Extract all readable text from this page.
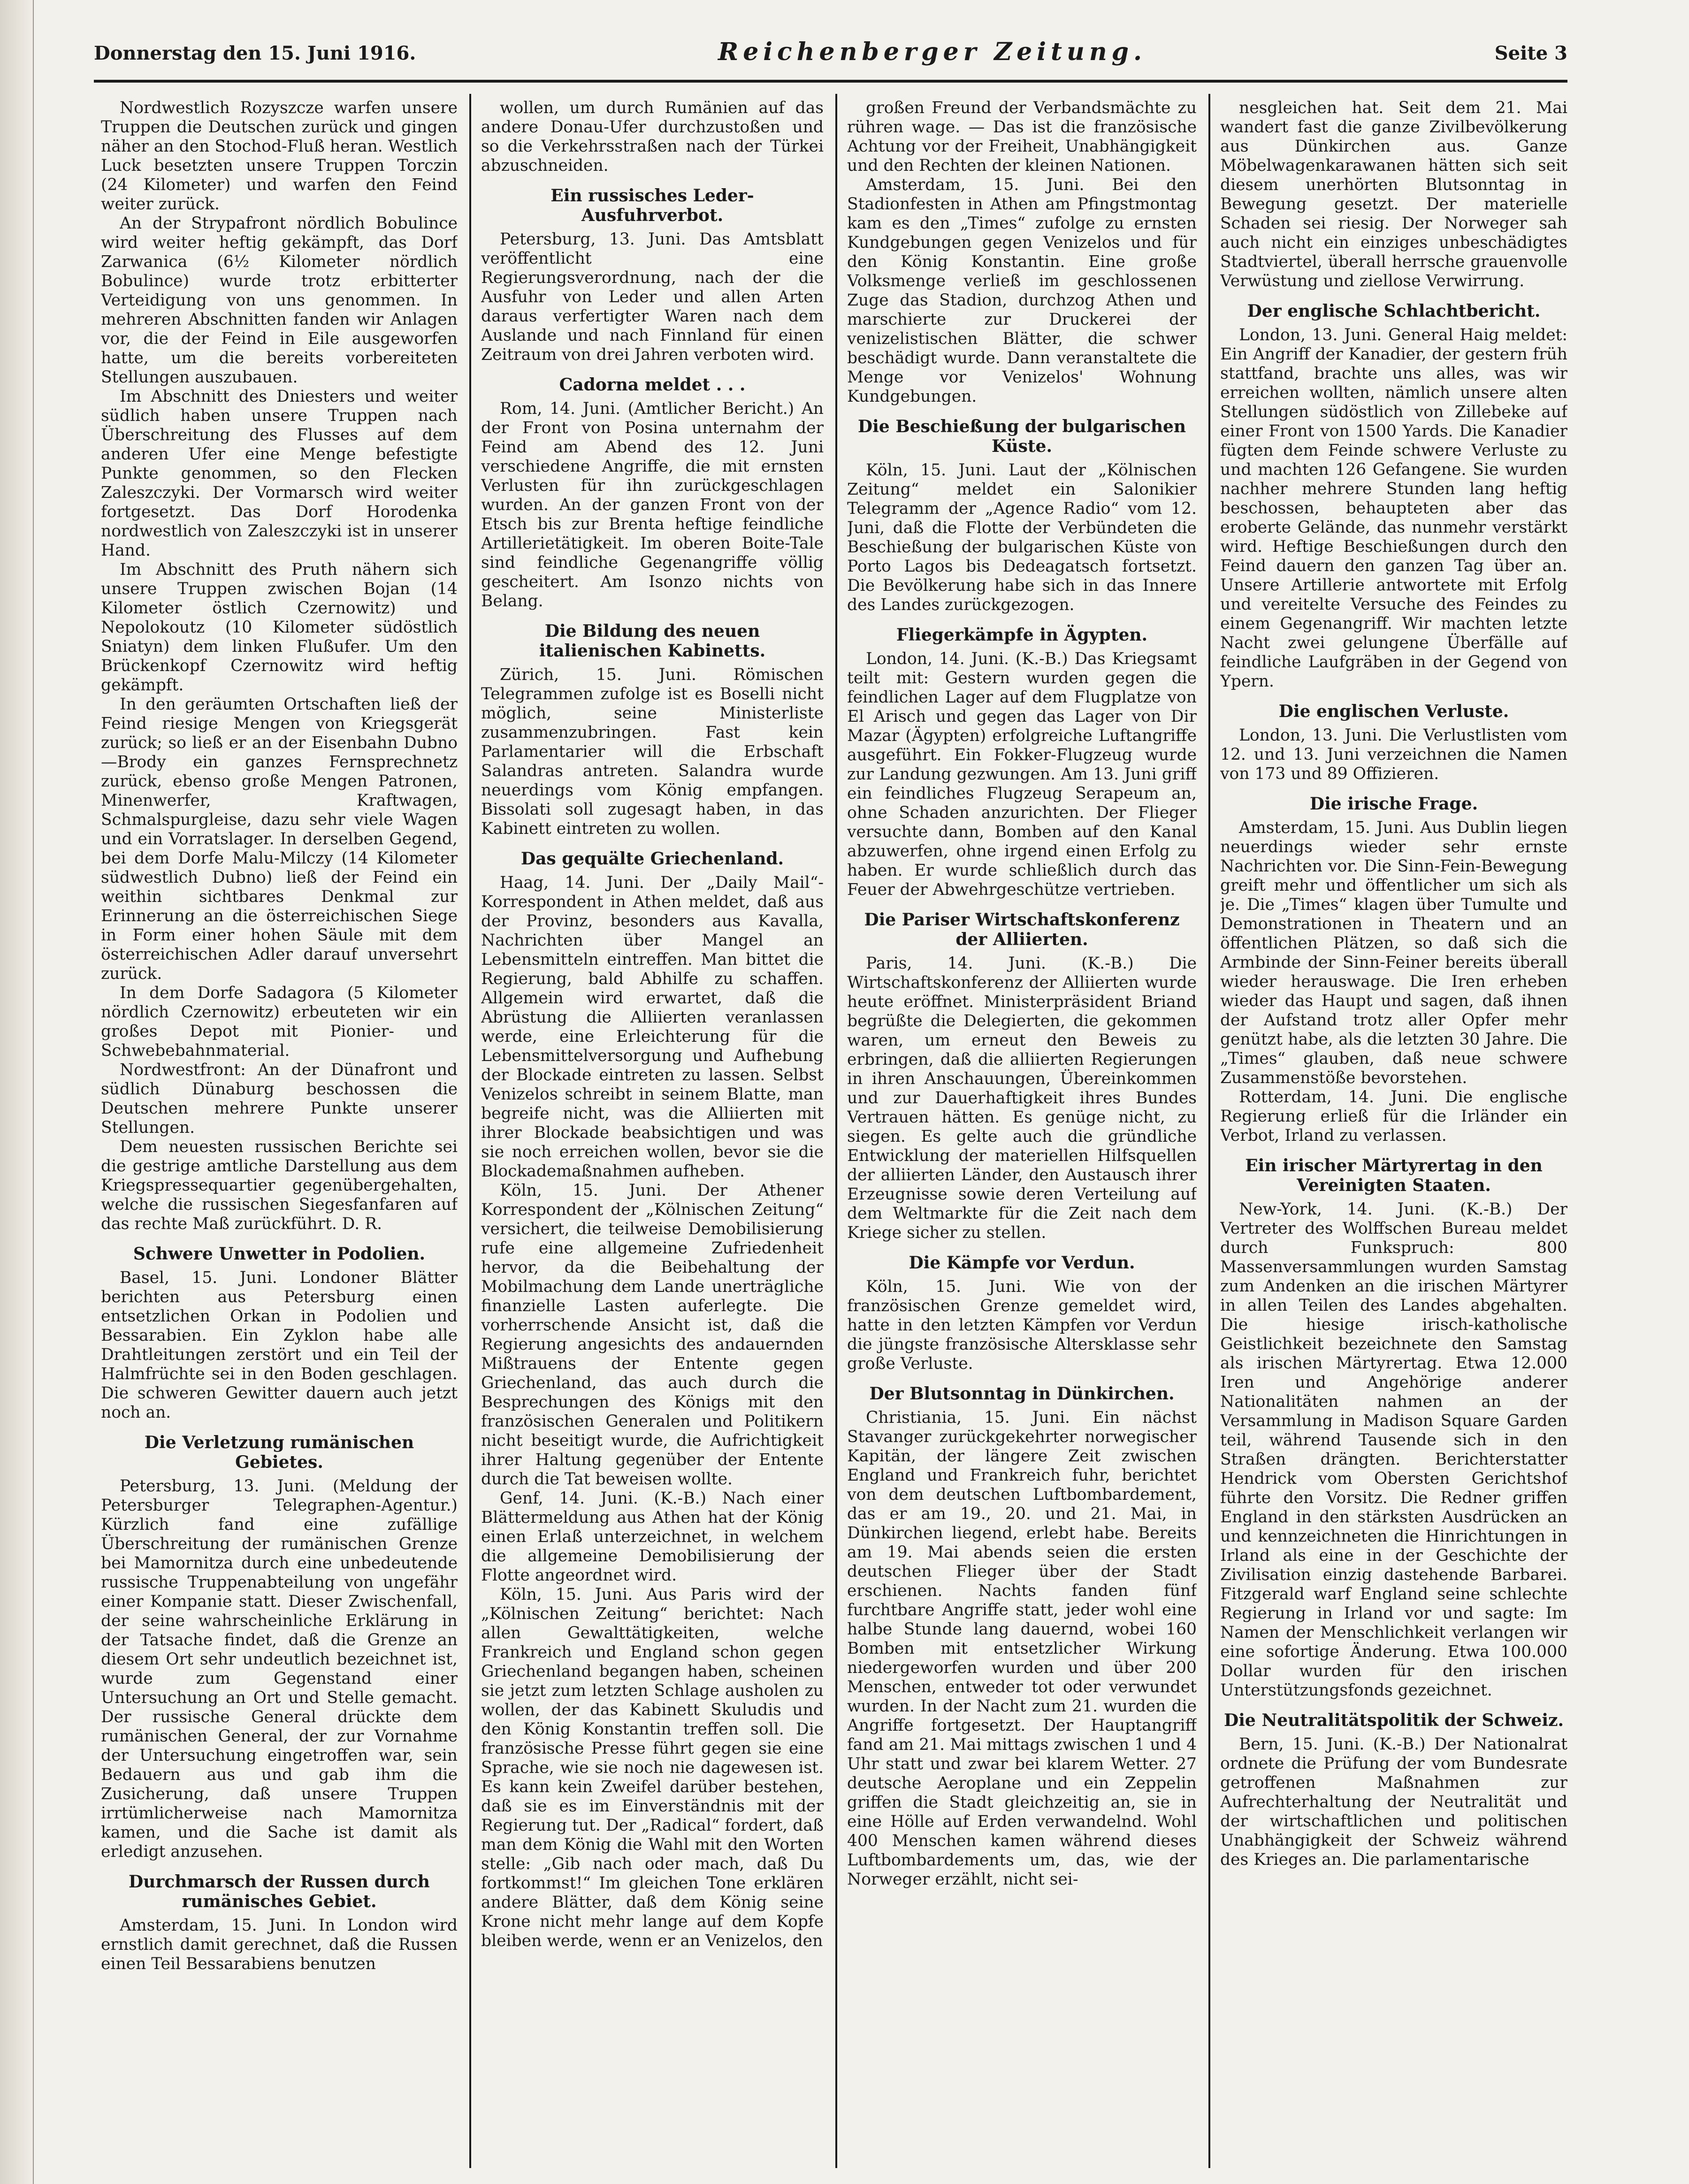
Donnerstag den 15. Juni 1916.	Reichenberger Zeitung.	Seite 3

Nordwestlich Rozyszcze warfen unsere Truppen die Deutschen zurück und gingen näher an den Stochod-Fluß heran. Westlich Luck besetzten unsere Truppen Torczin (24 Kilometer) und warfen den Feind weiter zurück.

An der Strypafront nördlich Bobulince wird weiter heftig gekämpft, das Dorf Zarwanica (6½ Kilometer nördlich Bobulince) wurde trotz erbitterter Verteidigung von uns genommen. In mehreren Abschnitten fanden wir Anlagen vor, die der Feind in Eile ausgeworfen hatte, um die bereits vorbereiteten Stellungen auszubauen.

Im Abschnitt des Dniesters und weiter südlich haben unsere Truppen nach Überschreitung des Flusses auf dem anderen Ufer eine Menge befestigte Punkte genommen, so den Flecken Zaleszczyki. Der Vormarsch wird weiter fortgesetzt. Das Dorf Horodenka nordwestlich von Zaleszczyki ist in unserer Hand.

Im Abschnitt des Pruth nähern sich unsere Truppen zwischen Bojan (14 Kilometer östlich Czernowitz) und Nepolokoutz (10 Kilometer südöstlich Sniatyn) dem linken Flußufer. Um den Brückenkopf Czernowitz wird heftig gekämpft.

In den geräumten Ortschaften ließ der Feind riesige Mengen von Kriegsgerät zurück; so ließ er an der Eisenbahn Dubno—Brody ein ganzes Fernsprechnetz zurück, ebenso große Mengen Patronen, Minenwerfer, Kraftwagen, Schmalspurgleise, dazu sehr viele Wagen und ein Vorratslager. In derselben Gegend, bei dem Dorfe Malu-Milczy (14 Kilometer südwestlich Dubno) ließ der Feind ein weithin sichtbares Denkmal zur Erinnerung an die österreichischen Siege in Form einer hohen Säule mit dem österreichischen Adler darauf unversehrt zurück.

In dem Dorfe Sadagora (5 Kilometer nördlich Czernowitz) erbeuteten wir ein großes Depot mit Pionier- und Schwebebahnmaterial.

Nordwestfront: An der Dünafront und südlich Dünaburg beschossen die Deutschen mehrere Punkte unserer Stellungen.

Dem neuesten russischen Berichte sei die gestrige amtliche Darstellung aus dem Kriegspressequartier gegenübergehalten, welche die russischen Siegesfanfaren auf das rechte Maß zurückführt. D. R.

Schwere Unwetter in Podolien.

Basel, 15. Juni. Londoner Blätter berichten aus Petersburg einen entsetzlichen Orkan in Podolien und Bessarabien. Ein Zyklon habe alle Drahtleitungen zerstört und ein Teil der Halmfrüchte sei in den Boden geschlagen. Die schweren Gewitter dauern auch jetzt noch an.

Die Verletzung rumänischen Gebietes.

Petersburg, 13. Juni. (Meldung der Petersburger Telegraphen-Agentur.) Kürzlich fand eine zufällige Überschreitung der rumänischen Grenze bei Mamornitza durch eine unbedeutende russische Truppenabteilung von ungefähr einer Kompanie statt. Dieser Zwischenfall, der seine wahrscheinliche Erklärung in der Tatsache findet, daß die Grenze an diesem Ort sehr undeutlich bezeichnet ist, wurde zum Gegenstand einer Untersuchung an Ort und Stelle gemacht. Der russische General drückte dem rumänischen General, der zur Vornahme der Untersuchung eingetroffen war, sein Bedauern aus und gab ihm die Zusicherung, daß unsere Truppen irrtümlicherweise nach Mamornitza kamen, und die Sache ist damit als erledigt anzusehen.

Durchmarsch der Russen durch rumänisches Gebiet.

Amsterdam, 15. Juni. In London wird ernstlich damit gerechnet, daß die Russen einen Teil Bessarabiens benutzen

wollen, um durch Rumänien auf das andere Donau-Ufer durchzustoßen und so die Verkehrsstraßen nach der Türkei abzuschneiden.

Ein russisches Leder-Ausfuhrverbot.

Petersburg, 13. Juni. Das Amtsblatt veröffentlicht eine Regierungsverordnung, nach der die Ausfuhr von Leder und allen Arten daraus verfertigter Waren nach dem Auslande und nach Finnland für einen Zeitraum von drei Jahren verboten wird.

Cadorna meldet . . .

Rom, 14. Juni. (Amtlicher Bericht.) An der Front von Posina unternahm der Feind am Abend des 12. Juni verschiedene Angriffe, die mit ernsten Verlusten für ihn zurückgeschlagen wurden. An der ganzen Front von der Etsch bis zur Brenta heftige feindliche Artillerietätigkeit. Im oberen Boite-Tale sind feindliche Gegenangriffe völlig gescheitert. Am Isonzo nichts von Belang.

Die Bildung des neuen italienischen Kabinetts.

Zürich, 15. Juni. Römischen Telegrammen zufolge ist es Boselli nicht möglich, seine Ministerliste zusammenzubringen. Fast kein Parlamentarier will die Erbschaft Salandras antreten. Salandra wurde neuerdings vom König empfangen. Bissolati soll zugesagt haben, in das Kabinett eintreten zu wollen.

Das gequälte Griechenland.

Haag, 14. Juni. Der „Daily Mail“-Korrespondent in Athen meldet, daß aus der Provinz, besonders aus Kavalla, Nachrichten über Mangel an Lebensmitteln eintreffen. Man bittet die Regierung, bald Abhilfe zu schaffen. Allgemein wird erwartet, daß die Abrüstung die Alliierten veranlassen werde, eine Erleichterung für die Lebensmittelversorgung und Aufhebung der Blockade eintreten zu lassen. Selbst Venizelos schreibt in seinem Blatte, man begreife nicht, was die Alliierten mit ihrer Blockade beabsichtigen und was sie noch erreichen wollen, bevor sie die Blockademaßnahmen aufheben.

Köln, 15. Juni. Der Athener Korrespondent der „Kölnischen Zeitung“ versichert, die teilweise Demobilisierung rufe eine allgemeine Zufriedenheit hervor, da die Beibehaltung der Mobilmachung dem Lande unerträgliche finanzielle Lasten auferlegte. Die vorherrschende Ansicht ist, daß die Regierung angesichts des andauernden Mißtrauens der Entente gegen Griechenland, das auch durch die Besprechungen des Königs mit den französischen Generalen und Politikern nicht beseitigt wurde, die Aufrichtigkeit ihrer Haltung gegenüber der Entente durch die Tat beweisen wollte.

Genf, 14. Juni. (K.-B.) Nach einer Blättermeldung aus Athen hat der König einen Erlaß unterzeichnet, in welchem die allgemeine Demobilisierung der Flotte angeordnet wird.

Köln, 15. Juni. Aus Paris wird der „Kölnischen Zeitung“ berichtet: Nach allen Gewalttätigkeiten, welche Frankreich und England schon gegen Griechenland begangen haben, scheinen sie jetzt zum letzten Schlage ausholen zu wollen, der das Kabinett Skuludis und den König Konstantin treffen soll. Die französische Presse führt gegen sie eine Sprache, wie sie noch nie dagewesen ist. Es kann kein Zweifel darüber bestehen, daß sie es im Einverständnis mit der Regierung tut. Der „Radical“ fordert, daß man dem König die Wahl mit den Worten stelle: „Gib nach oder mach, daß Du fortkommst!“ Im gleichen Tone erklären andere Blätter, daß dem König seine Krone nicht mehr lange auf dem Kopfe bleiben werde, wenn er an Venizelos, den

großen Freund der Verbandsmächte zu rühren wage. — Das ist die französische Achtung vor der Freiheit, Unabhängigkeit und den Rechten der kleinen Nationen.

Amsterdam, 15. Juni. Bei den Stadionfesten in Athen am Pfingstmontag kam es den „Times“ zufolge zu ernsten Kundgebungen gegen Venizelos und für den König Konstantin. Eine große Volksmenge verließ im geschlossenen Zuge das Stadion, durchzog Athen und marschierte zur Druckerei der venizelistischen Blätter, die schwer beschädigt wurde. Dann veranstaltete die Menge vor Venizelos' Wohnung Kundgebungen.

Die Beschießung der bulgarischen Küste.

Köln, 15. Juni. Laut der „Kölnischen Zeitung“ meldet ein Salonikier Telegramm der „Agence Radio“ vom 12. Juni, daß die Flotte der Verbündeten die Beschießung der bulgarischen Küste von Porto Lagos bis Dedeagatsch fortsetzt. Die Bevölkerung habe sich in das Innere des Landes zurückgezogen.

Fliegerkämpfe in Ägypten.

London, 14. Juni. (K.-B.) Das Kriegsamt teilt mit: Gestern wurden gegen die feindlichen Lager auf dem Flugplatze von El Arisch und gegen das Lager von Dir Mazar (Ägypten) erfolgreiche Luftangriffe ausgeführt. Ein Fokker-Flugzeug wurde zur Landung gezwungen. Am 13. Juni griff ein feindliches Flugzeug Serapeum an, ohne Schaden anzurichten. Der Flieger versuchte dann, Bomben auf den Kanal abzuwerfen, ohne irgend einen Erfolg zu haben. Er wurde schließlich durch das Feuer der Abwehrgeschütze vertrieben.

Die Pariser Wirtschaftskonferenz der Alliierten.

Paris, 14. Juni. (K.-B.) Die Wirtschaftskonferenz der Alliierten wurde heute eröffnet. Ministerpräsident Briand begrüßte die Delegierten, die gekommen waren, um erneut den Beweis zu erbringen, daß die alliierten Regierungen in ihren Anschauungen, Übereinkommen und zur Dauerhaftigkeit ihres Bundes Vertrauen hätten. Es genüge nicht, zu siegen. Es gelte auch die gründliche Entwicklung der materiellen Hilfsquellen der alliierten Länder, den Austausch ihrer Erzeugnisse sowie deren Verteilung auf dem Weltmarkte für die Zeit nach dem Kriege sicher zu stellen.

Die Kämpfe vor Verdun.

Köln, 15. Juni. Wie von der französischen Grenze gemeldet wird, hatte in den letzten Kämpfen vor Verdun die jüngste französische Altersklasse sehr große Verluste.

Der Blutsonntag in Dünkirchen.

Christiania, 15. Juni. Ein nächst Stavanger zurückgekehrter norwegischer Kapitän, der längere Zeit zwischen England und Frankreich fuhr, berichtet von dem deutschen Luftbombardement, das er am 19., 20. und 21. Mai, in Dünkirchen liegend, erlebt habe. Bereits am 19. Mai abends seien die ersten deutschen Flieger über der Stadt erschienen. Nachts fanden fünf furchtbare Angriffe statt, jeder wohl eine halbe Stunde lang dauernd, wobei 160 Bomben mit entsetzlicher Wirkung niedergeworfen wurden und über 200 Menschen, entweder tot oder verwundet wurden. In der Nacht zum 21. wurden die Angriffe fortgesetzt. Der Hauptangriff fand am 21. Mai mittags zwischen 1 und 4 Uhr statt und zwar bei klarem Wetter. 27 deutsche Aeroplane und ein Zeppelin griffen die Stadt gleichzeitig an, sie in eine Hölle auf Erden verwandelnd. Wohl 400 Menschen kamen während dieses Luftbombardements um, das, wie der Norweger erzählt, nicht sei-

nesgleichen hat. Seit dem 21. Mai wandert fast die ganze Zivilbevölkerung aus Dünkirchen aus. Ganze Möbelwagenkarawanen hätten sich seit diesem unerhörten Blutsonntag in Bewegung gesetzt. Der materielle Schaden sei riesig. Der Norweger sah auch nicht ein einziges unbeschädigtes Stadtviertel, überall herrsche grauenvolle Verwüstung und ziellose Verwirrung.

Der englische Schlachtbericht.

London, 13. Juni. General Haig meldet: Ein Angriff der Kanadier, der gestern früh stattfand, brachte uns alles, was wir erreichen wollten, nämlich unsere alten Stellungen südöstlich von Zillebeke auf einer Front von 1500 Yards. Die Kanadier fügten dem Feinde schwere Verluste zu und machten 126 Gefangene. Sie wurden nachher mehrere Stunden lang heftig beschossen, behaupteten aber das eroberte Gelände, das nunmehr verstärkt wird. Heftige Beschießungen durch den Feind dauern den ganzen Tag über an. Unsere Artillerie antwortete mit Erfolg und vereitelte Versuche des Feindes zu einem Gegenangriff. Wir machten letzte Nacht zwei gelungene Überfälle auf feindliche Laufgräben in der Gegend von Ypern.

Die englischen Verluste.

London, 13. Juni. Die Verlustlisten vom 12. und 13. Juni verzeichnen die Namen von 173 und 89 Offizieren.

Die irische Frage.

Amsterdam, 15. Juni. Aus Dublin liegen neuerdings wieder sehr ernste Nachrichten vor. Die Sinn-Fein-Bewegung greift mehr und öffentlicher um sich als je. Die „Times“ klagen über Tumulte und Demonstrationen in Theatern und an öffentlichen Plätzen, so daß sich die Armbinde der Sinn-Feiner bereits überall wieder herauswage. Die Iren erheben wieder das Haupt und sagen, daß ihnen der Aufstand trotz aller Opfer mehr genützt habe, als die letzten 30 Jahre. Die „Times“ glauben, daß neue schwere Zusammenstöße bevorstehen.

Rotterdam, 14. Juni. Die englische Regierung erließ für die Irländer ein Verbot, Irland zu verlassen.

Ein irischer Märtyrertag in den Vereinigten Staaten.

New-York, 14. Juni. (K.-B.) Der Vertreter des Wolffschen Bureau meldet durch Funkspruch: 800 Massenversammlungen wurden Samstag zum Andenken an die irischen Märtyrer in allen Teilen des Landes abgehalten. Die hiesige irisch-katholische Geistlichkeit bezeichnete den Samstag als irischen Märtyrertag. Etwa 12.000 Iren und Angehörige anderer Nationalitäten nahmen an der Versammlung in Madison Square Garden teil, während Tausende sich in den Straßen drängten. Berichterstatter Hendrick vom Obersten Gerichtshof führte den Vorsitz. Die Redner griffen England in den stärksten Ausdrücken an und kennzeichneten die Hinrichtungen in Irland als eine in der Geschichte der Zivilisation einzig dastehende Barbarei. Fitzgerald warf England seine schlechte Regierung in Irland vor und sagte: Im Namen der Menschlichkeit verlangen wir eine sofortige Änderung. Etwa 100.000 Dollar wurden für den irischen Unterstützungsfonds gezeichnet.

Die Neutralitätspolitik der Schweiz.

Bern, 15. Juni. (K.-B.) Der Nationalrat ordnete die Prüfung der vom Bundesrate getroffenen Maßnahmen zur Aufrechterhaltung der Neutralität und der wirtschaftlichen und politischen Unabhängigkeit der Schweiz während des Krieges an. Die parlamentarische
